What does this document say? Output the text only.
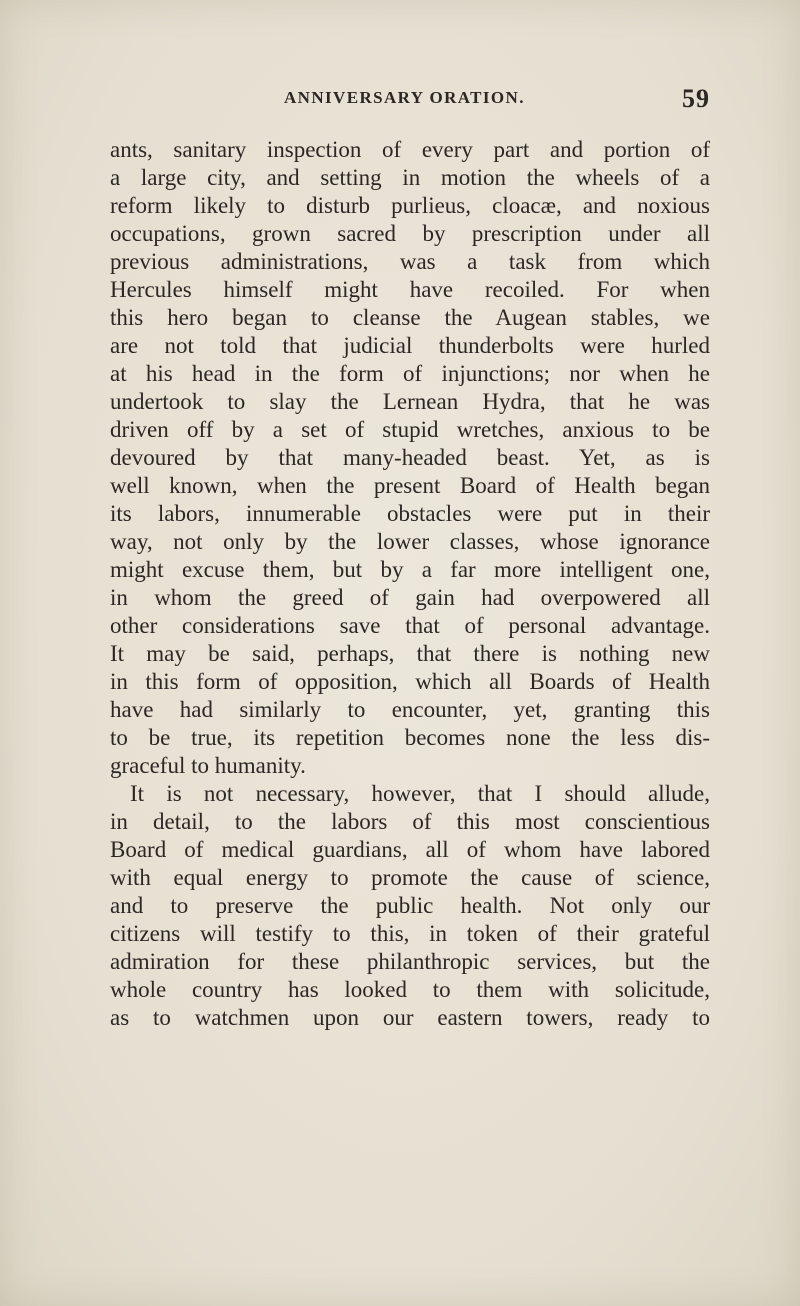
ANNIVERSARY ORATION.	59
ants, sanitary inspection of every part and portion of
a large city, and setting in motion the wheels of a
reform likely to disturb purlieus, cloacæ, and noxious
occupations, grown sacred by prescription under all
previous administrations, was a task from which
Hercules himself might have recoiled. For when
this hero began to cleanse the Augean stables, we
are not told that judicial thunderbolts were hurled
at his head in the form of injunctions; nor when he
undertook to slay the Lernean Hydra, that he was
driven off by a set of stupid wretches, anxious to be
devoured by that many-headed beast. Yet, as is
well known, when the present Board of Health began
its labors, innumerable obstacles were put in their
way, not only by the lower classes, whose ignorance
might excuse them, but by a far more intelligent one,
in whom the greed of gain had overpowered all
other considerations save that of personal advantage.
It may be said, perhaps, that there is nothing new
in this form of opposition, which all Boards of Health
have had similarly to encounter, yet, granting this
to be true, its repetition becomes none the less dis-
graceful to humanity.
It is not necessary, however, that I should allude,
in detail, to the labors of this most conscientious
Board of medical guardians, all of whom have labored
with equal energy to promote the cause of science,
and to preserve the public health. Not only our
citizens will testify to this, in token of their grateful
admiration for these philanthropic services, but the
whole country has looked to them with solicitude,
as to watchmen upon our eastern towers, ready to
